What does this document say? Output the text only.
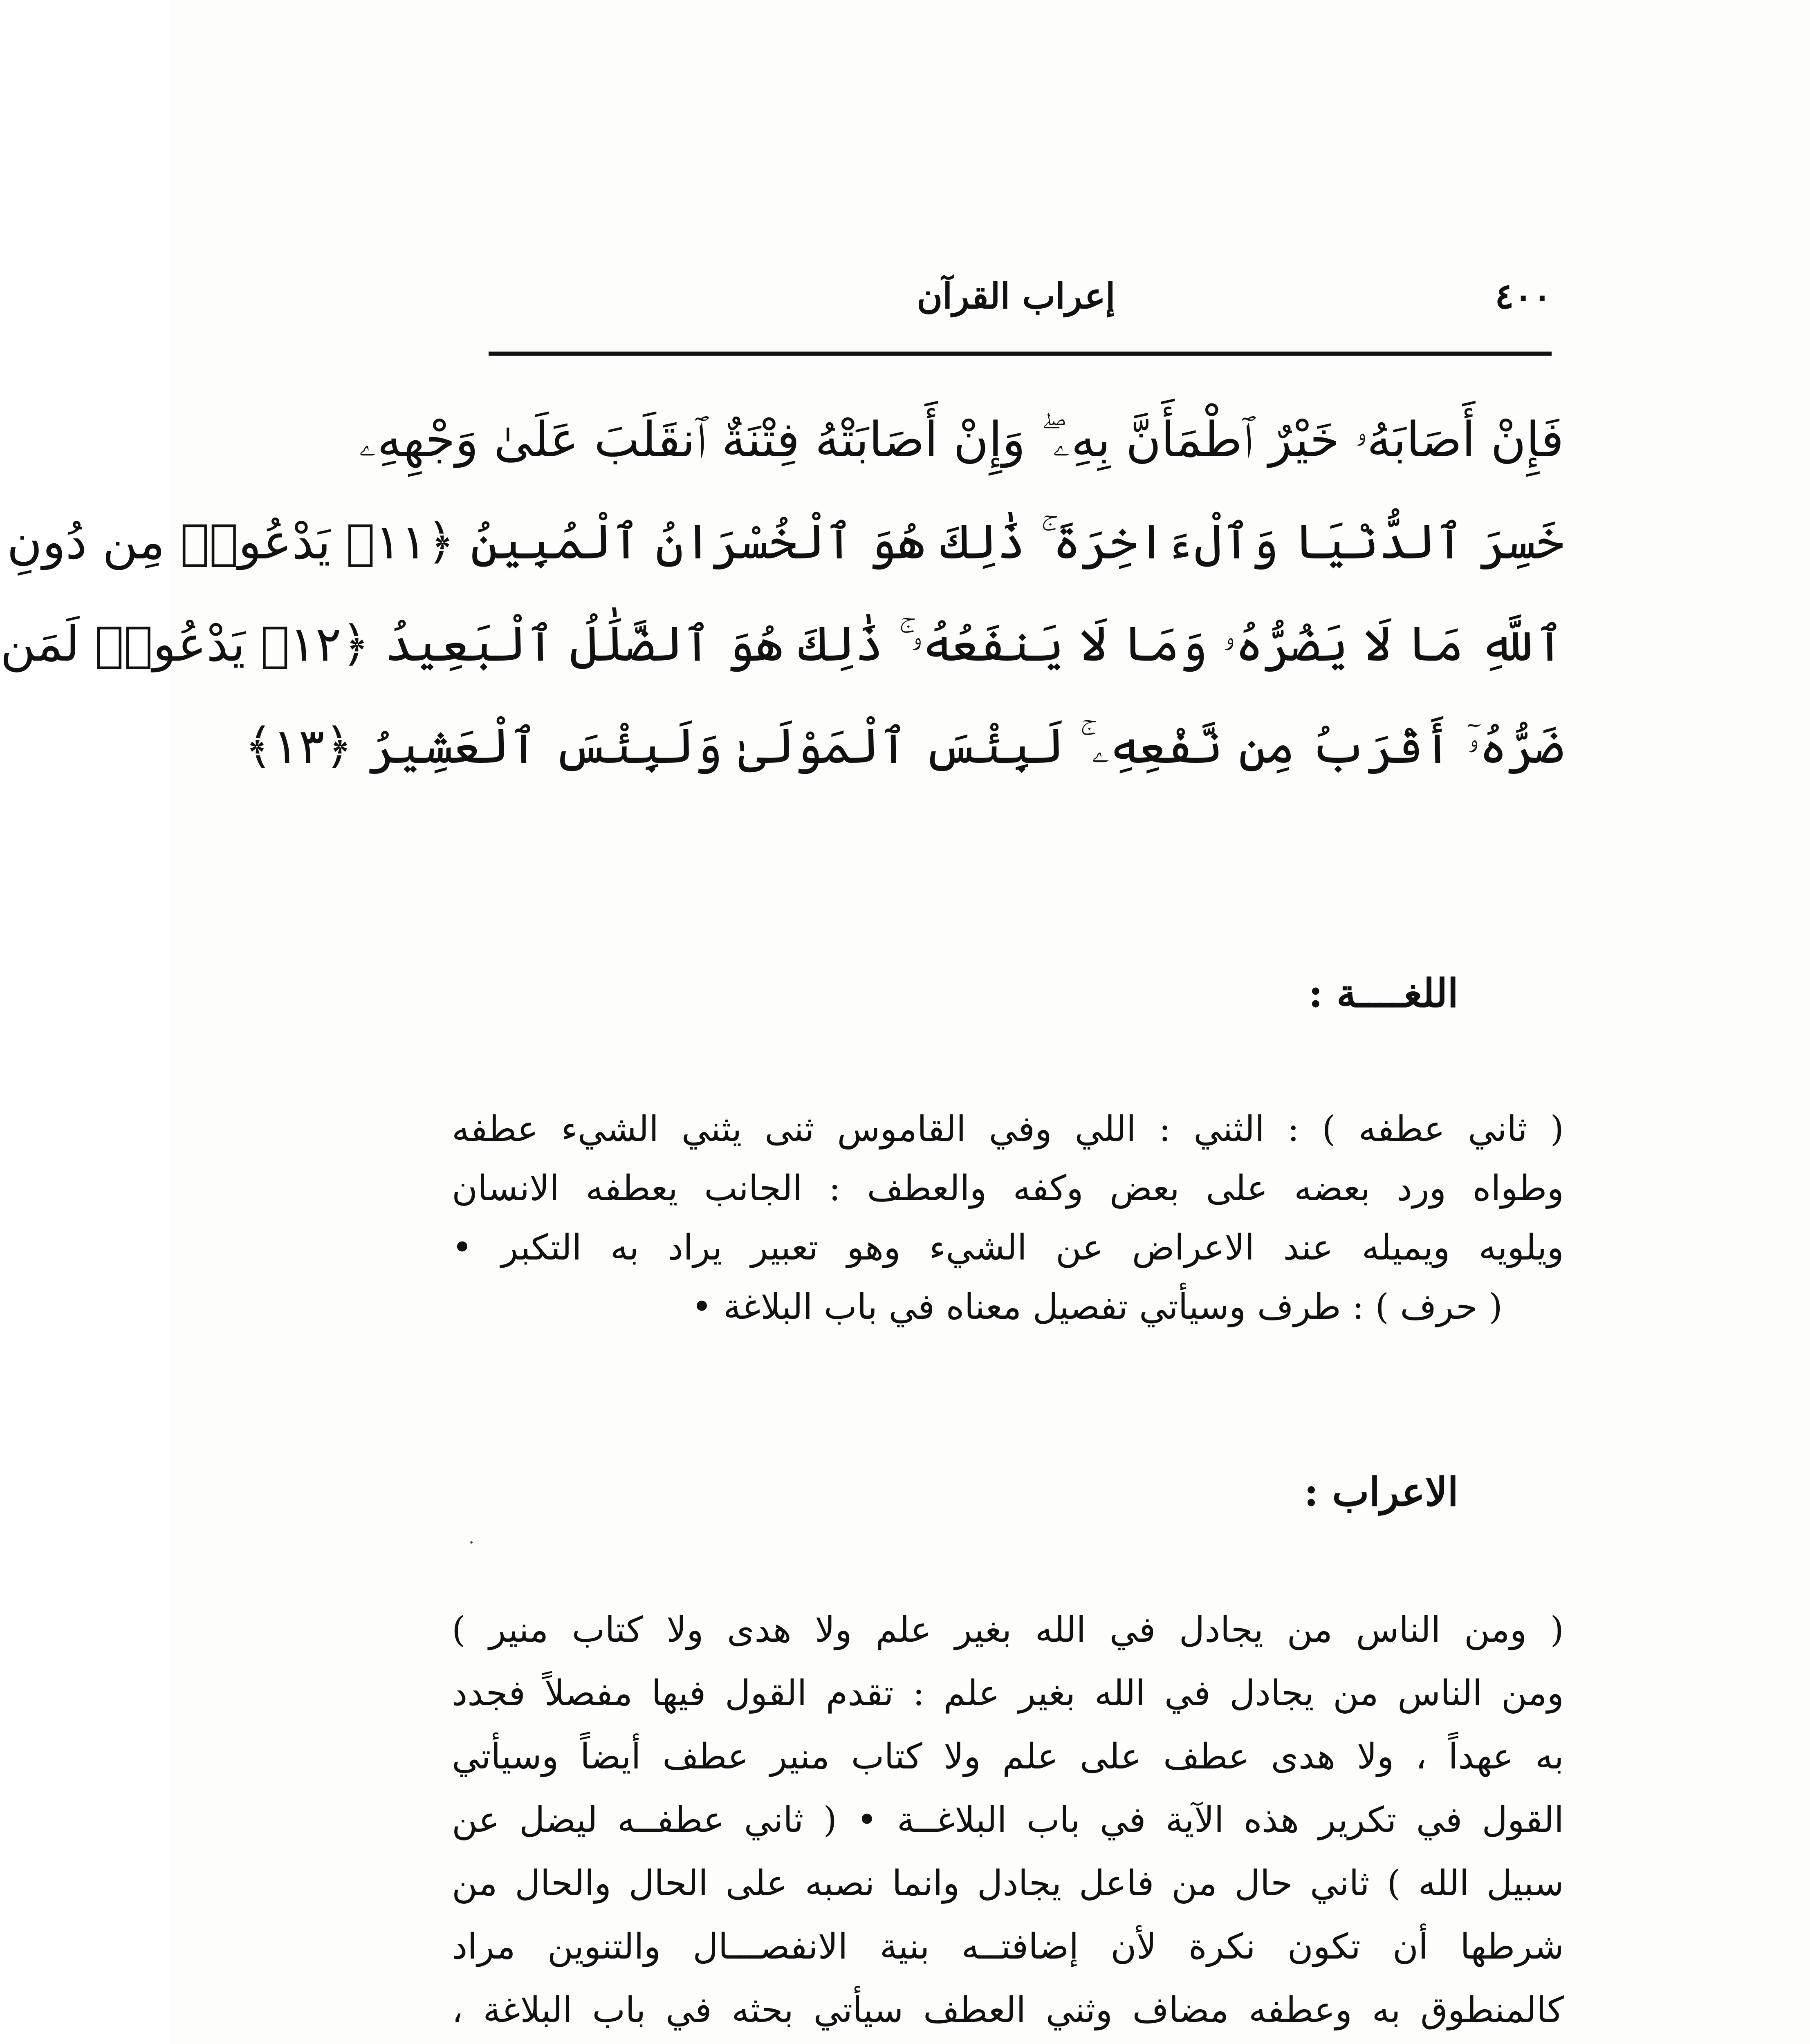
٤٠٠
إعراب القرآن
فَإِنْ أَصَابَهُۥ خَيْرٌ ٱطْمَأَنَّ بِهِۦ ۖ وَإِنْ أَصَابَتْهُ فِتْنَةٌ ٱنقَلَبَ عَلَىٰ وَجْهِهِۦ
خَسِرَ ٱلدُّنْيَا وَٱلْءَاخِرَةَ ۚ ذَٰلِكَ هُوَ ٱلْخُسْرَانُ ٱلْمُبِينُ ﴿١١﴾ يَدْعُوا۟ مِن دُونِ
ٱللَّهِ مَا لَا يَضُرُّهُۥ وَمَا لَا يَنفَعُهُۥ ۚ ذَٰلِكَ هُوَ ٱلضَّلَٰلُ ٱلْبَعِيدُ ﴿١٢﴾ يَدْعُوا۟ لَمَن
ضَرُّهُۥٓ أَقْرَبُ مِن نَّفْعِهِۦ ۚ لَبِئْسَ ٱلْمَوْلَىٰ وَلَبِئْسَ ٱلْعَشِيرُ ﴿١٣﴾
اللغــــة :
( ثاني عطفه ) : الثني : اللي وفي القاموس ثنى يثني الشيء عطفه
وطواه ورد بعضه على بعض وكفه والعطف : الجانب يعطفه الانسان
ويلويه ويميله عند الاعراض عن الشيء وهو تعبير يراد به التكبر •
( حرف ) : طرف وسيأتي تفصيل معناه في باب البلاغة •
الاعراب :
( ومن الناس من يجادل في الله بغير علم ولا هدى ولا كتاب منير )
ومن الناس من يجادل في الله بغير علم : تقدم القول فيها مفصلاً فجدد
به عهداً ، ولا هدى عطف على علم ولا كتاب منير عطف أيضاً وسيأتي
القول في تكرير هذه الآية في باب البلاغــة • ( ثاني عطفــه ليضل عن
سبيل الله ) ثاني حال من فاعل يجادل وانما نصبه على الحال والحال من
شرطها أن تكون نكرة لأن إضافتــه بنية الانفصـــال والتنوين مراد
كالمنطوق به وعطفه مضاف وثني العطف سيأتي بحثه في باب البلاغة ،
